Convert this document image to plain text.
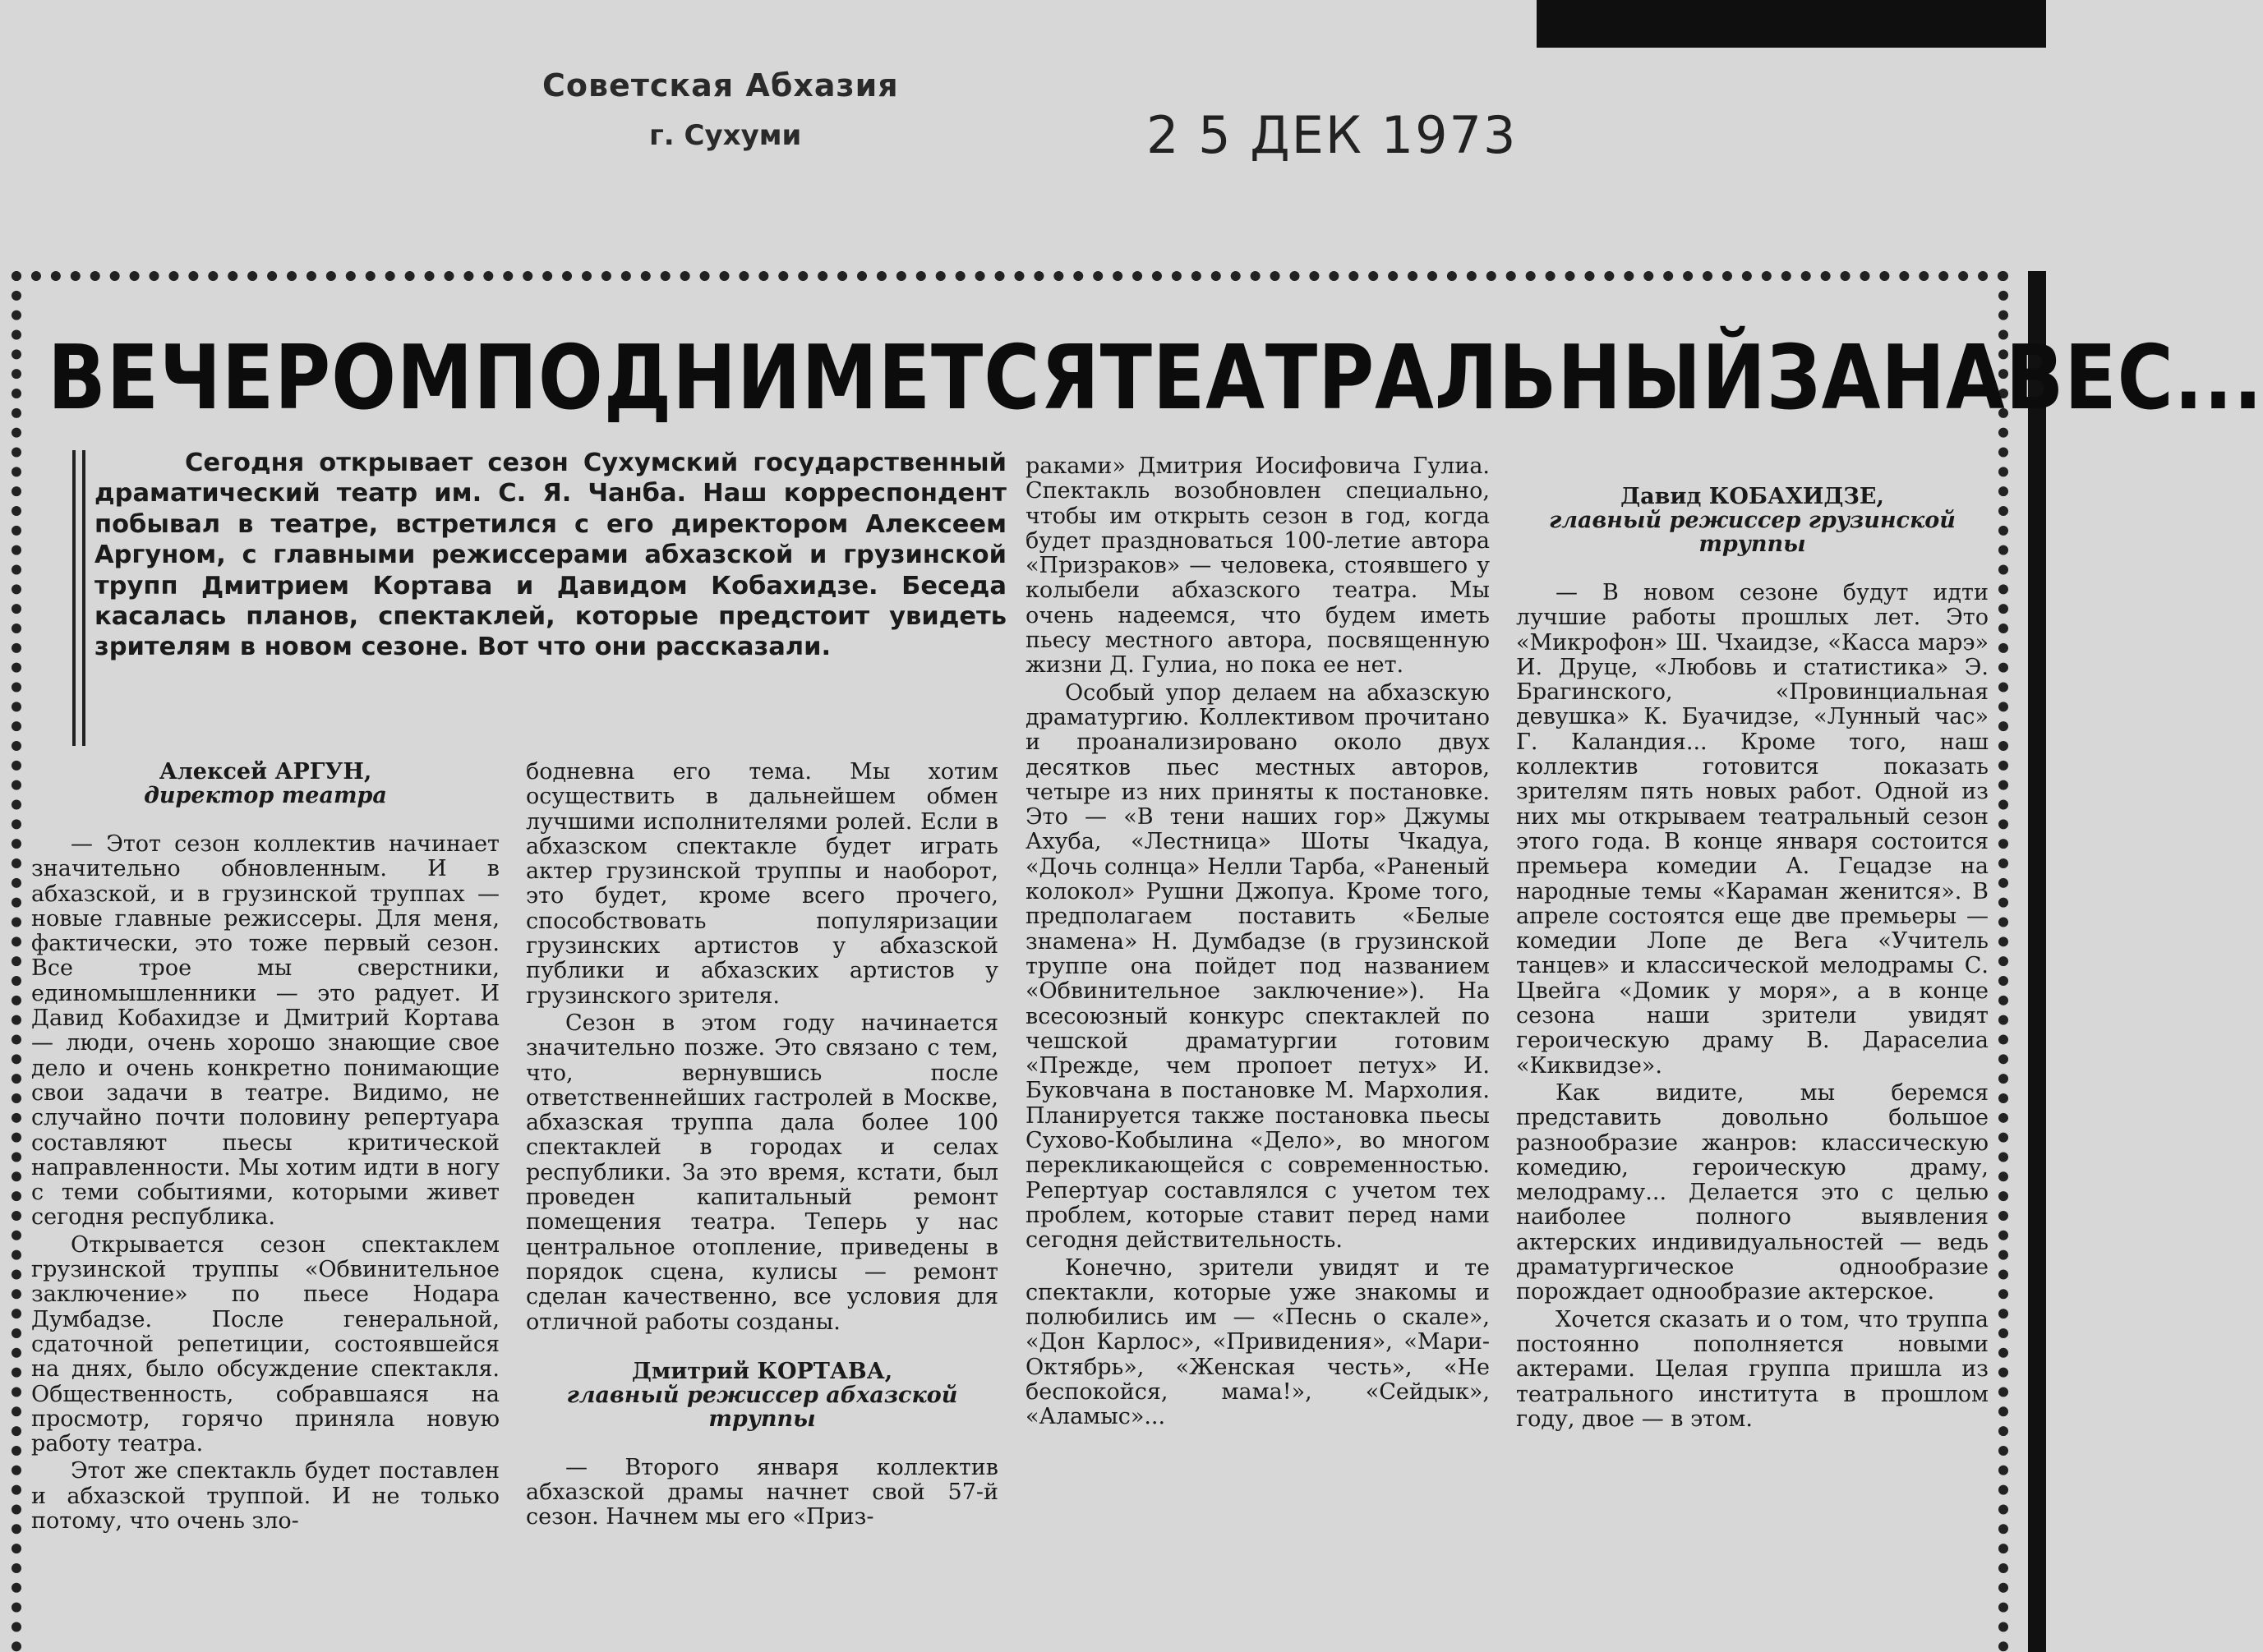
Советская Абхазия
г. Сухуми	2 5 ДЕК 1973
ВЕЧЕРОМ ПОДНИМЕТСЯ ТЕАТРАЛЬНЫЙ ЗАНАВЕС...
Сегодня открывает сезон Сухумский государственный драматический театр им. С. Я. Чанба. Наш корреспондент побывал в театре, встретился с его директором Алексеем Аргуном, с главными режиссерами абхазской и грузинской трупп Дмитрием Кортава и Давидом Кобахидзе. Беседа касалась планов, спектаклей, которые предстоит увидеть зрителям в новом сезоне. Вот что они рассказали.
Алексей АРГУН,
директор театра

— Этот сезон коллектив начинает значительно обновленным. И в абхазской, и в грузинской труппах — новые главные режиссеры. Для меня, фактически, это тоже первый сезон. Все трое мы сверстники, единомышленники — это радует. И Давид Кобахидзе и Дмитрий Кортава — люди, очень хорошо знающие свое дело и очень конкретно понимающие свои задачи в театре. Видимо, не случайно почти половину репертуара составляют пьесы критической направленности. Мы хотим идти в ногу с теми событиями, которыми живет сегодня республика.

Открывается сезон спектаклем грузинской труппы «Обвинительное заключение» по пьесе Нодара Думбадзе. После генеральной, сдаточной репетиции, состоявшейся на днях, было обсуждение спектакля. Общественность, собравшаяся на просмотр, горячо приняла новую работу театра.

Этот же спектакль будет поставлен и абхазской труппой. И не только потому, что очень зло-

бодневна его тема. Мы хотим осуществить в дальнейшем обмен лучшими исполнителями ролей. Если в абхазском спектакле будет играть актер грузинской труппы и наоборот, это будет, кроме всего прочего, способствовать популяризации грузинских артистов у абхазской публики и абхазских артистов у грузинского зрителя.

Сезон в этом году начинается значительно позже. Это связано с тем, что, вернувшись после ответственнейших гастролей в Москве, абхазская труппа дала более 100 спектаклей в городах и селах республики. За это время, кстати, был проведен капитальный ремонт помещения театра. Теперь у нас центральное отопление, приведены в порядок сцена, кулисы — ремонт сделан качественно, все условия для отличной работы созданы.

Дмитрий КОРТАВА,
главный режиссер абхазской труппы

— Второго января коллектив абхазской драмы начнет свой 57-й сезон. Начнем мы его «Приз-

раками» Дмитрия Иосифовича Гулиа. Спектакль возобновлен специально, чтобы им открыть сезон в год, когда будет праздноваться 100-летие автора «Призраков» — человека, стоявшего у колыбели абхазского театра. Мы очень надеемся, что будем иметь пьесу местного автора, посвященную жизни Д. Гулиа, но пока ее нет.

Особый упор делаем на абхазскую драматургию. Коллективом прочитано и проанализировано около двух десятков пьес местных авторов, четыре из них приняты к постановке. Это — «В тени наших гор» Джумы Ахуба, «Лестница» Шоты Чкадуа, «Дочь солнца» Нелли Тарба, «Раненый колокол» Рушни Джопуа. Кроме того, предполагаем поставить «Белые знамена» Н. Думбадзе (в грузинской труппе она пойдет под названием «Обвинительное заключение»). На всесоюзный конкурс спектаклей по чешской драматургии готовим «Прежде, чем пропоет петух» И. Буковчана в постановке М. Мархолия. Планируется также постановка пьесы Сухово-Кобылина «Дело», во многом перекликающейся с современностью. Репертуар составлялся с учетом тех проблем, которые ставит перед нами сегодня действительность.

Конечно, зрители увидят и те спектакли, которые уже знакомы и полюбились им — «Песнь о скале», «Дон Карлос», «Привидения», «Мари-Октябрь», «Женская честь», «Не беспокойся, мама!», «Сейдык», «Аламыс»...

Давид КОБАХИДЗЕ,
главный режиссер грузинской труппы

— В новом сезоне будут идти лучшие работы прошлых лет. Это «Микрофон» Ш. Чхаидзе, «Касса марэ» И. Друце, «Любовь и статистика» Э. Брагинского, «Провинциальная девушка» К. Буачидзе, «Лунный час» Г. Каландия... Кроме того, наш коллектив готовится показать зрителям пять новых работ. Одной из них мы открываем театральный сезон этого года. В конце января состоится премьера комедии А. Гецадзе на народные темы «Караман женится». В апреле состоятся еще две премьеры — комедии Лопе де Вега «Учитель танцев» и классической мелодрамы С. Цвейга «Домик у моря», а в конце сезона наши зрители увидят героическую драму В. Дараселиа «Киквидзе».

Как видите, мы беремся представить довольно большое разнообразие жанров: классическую комедию, героическую драму, мелодраму... Делается это с целью наиболее полного выявления актерских индивидуальностей — ведь драматургическое однообразие порождает однообразие актерское.

Хочется сказать и о том, что труппа постоянно пополняется новыми актерами. Целая группа пришла из театрального института в прошлом году, двое — в этом.
